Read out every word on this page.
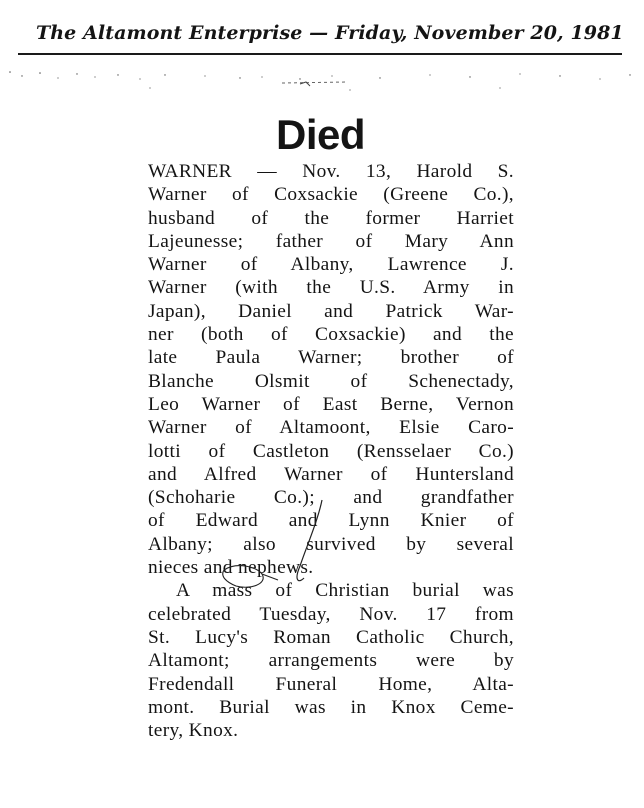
The Altamont Enterprise — Friday, November 20, 1981
Died
WARNER — Nov. 13, Harold S.
Warner of Coxsackie (Greene Co.),
husband of the former Harriet
Lajeunesse; father of Mary Ann
Warner of Albany, Lawrence J.
Warner (with the U.S. Army in
Japan), Daniel and Patrick War-
ner (both of Coxsackie) and the
late Paula Warner; brother of
Blanche Olsmit of Schenectady,
Leo Warner of East Berne, Vernon
Warner of Altamoont, Elsie Caro-
lotti of Castleton (Rensselaer Co.)
and Alfred Warner of Huntersland
(Schoharie Co.); and grandfather
of Edward and Lynn Knier of
Albany; also survived by several
nieces and nephews.
A mass of Christian burial was
celebrated Tuesday, Nov. 17 from
St. Lucy's Roman Catholic Church,
Altamont; arrangements were by
Fredendall Funeral Home, Alta-
mont. Burial was in Knox Ceme-
tery, Knox.
